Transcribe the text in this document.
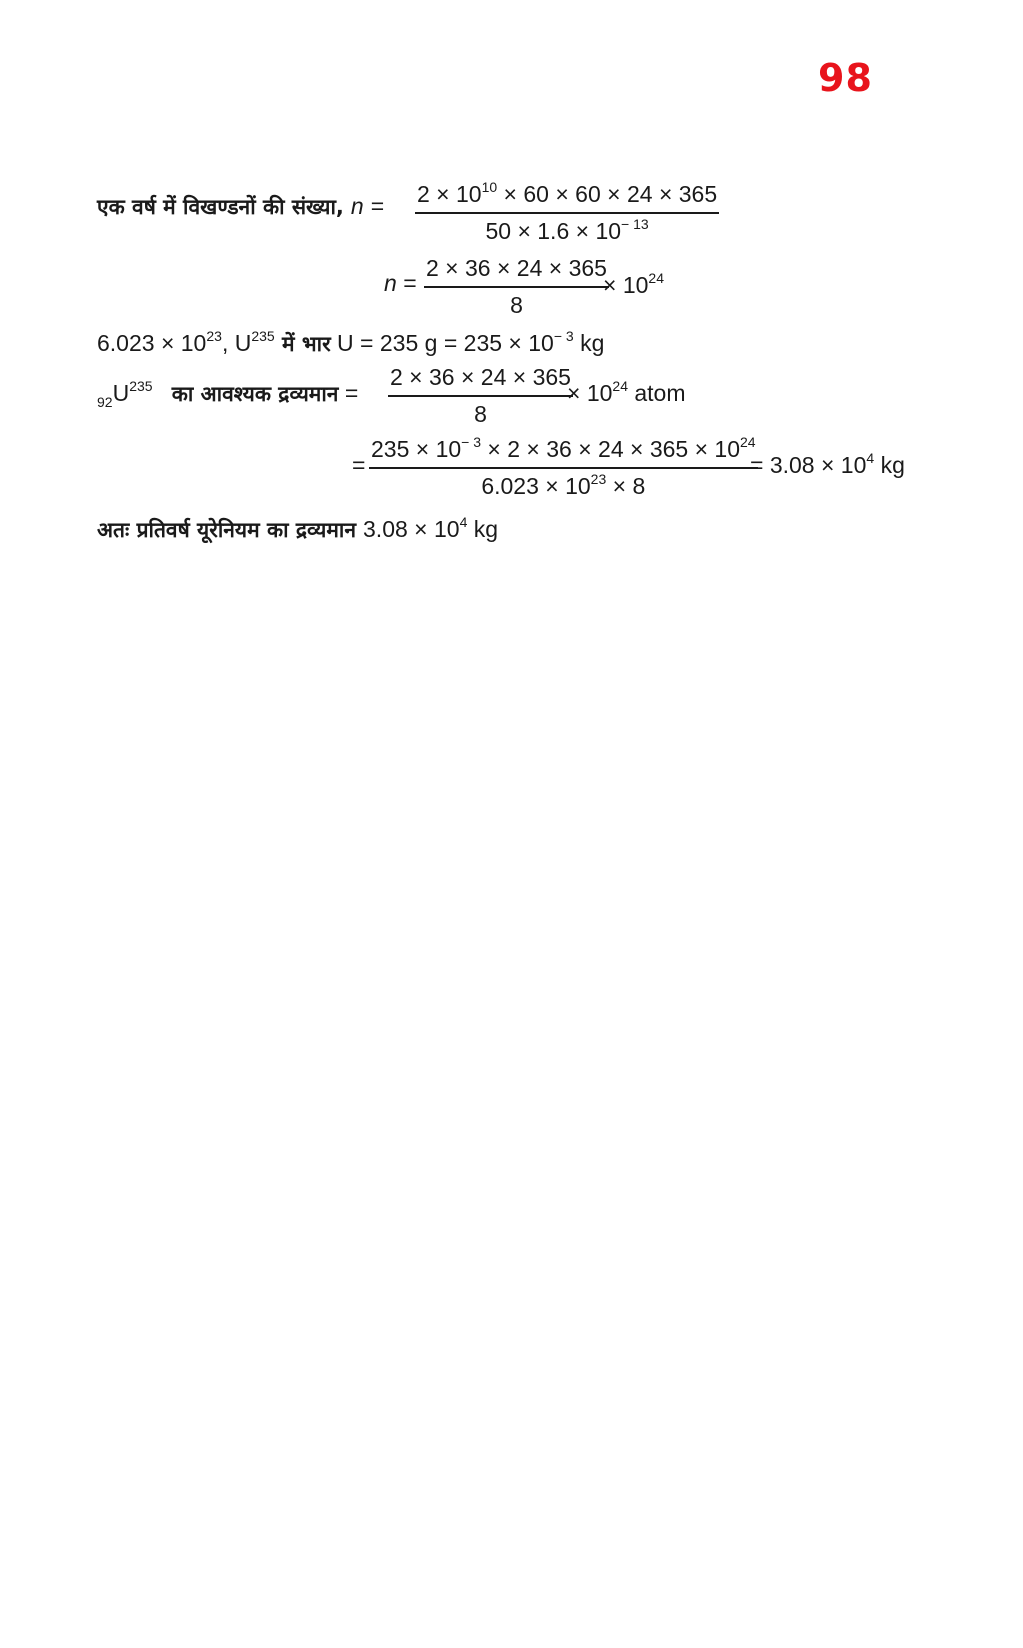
98
एक वर्ष में विखण्डनों की संख्या, $n = 2 \times 10^{10} \times 60 \times 60 \times 24 \times 365$
$50 \times 1.6 \times 10^{- 13}$
n =
2 × 36 × 24 × 365
8
× $10^{24}$
$6.023 \times 10^{23}$, $U^{235}$ में भार U = 235 $g = 235 \times 10^{- 3}$ kg
$_{92}U^{235}$ का आवश्यक द्रव्यमान =
2 × 36 × 24 × 365
8
× $10^{24}$ atom
=
$235 \times 10^{- 3} \times 2 \times 36 \times 24 \times 365 \times 10^{24}$
$6.023 \times 10^{23} \times 8$
= $3.08 \times 10^4$ kg
अतः प्रतिवर्ष यूरेनियम का द्रव्यमान $3.08 \times 10^4$ kg
